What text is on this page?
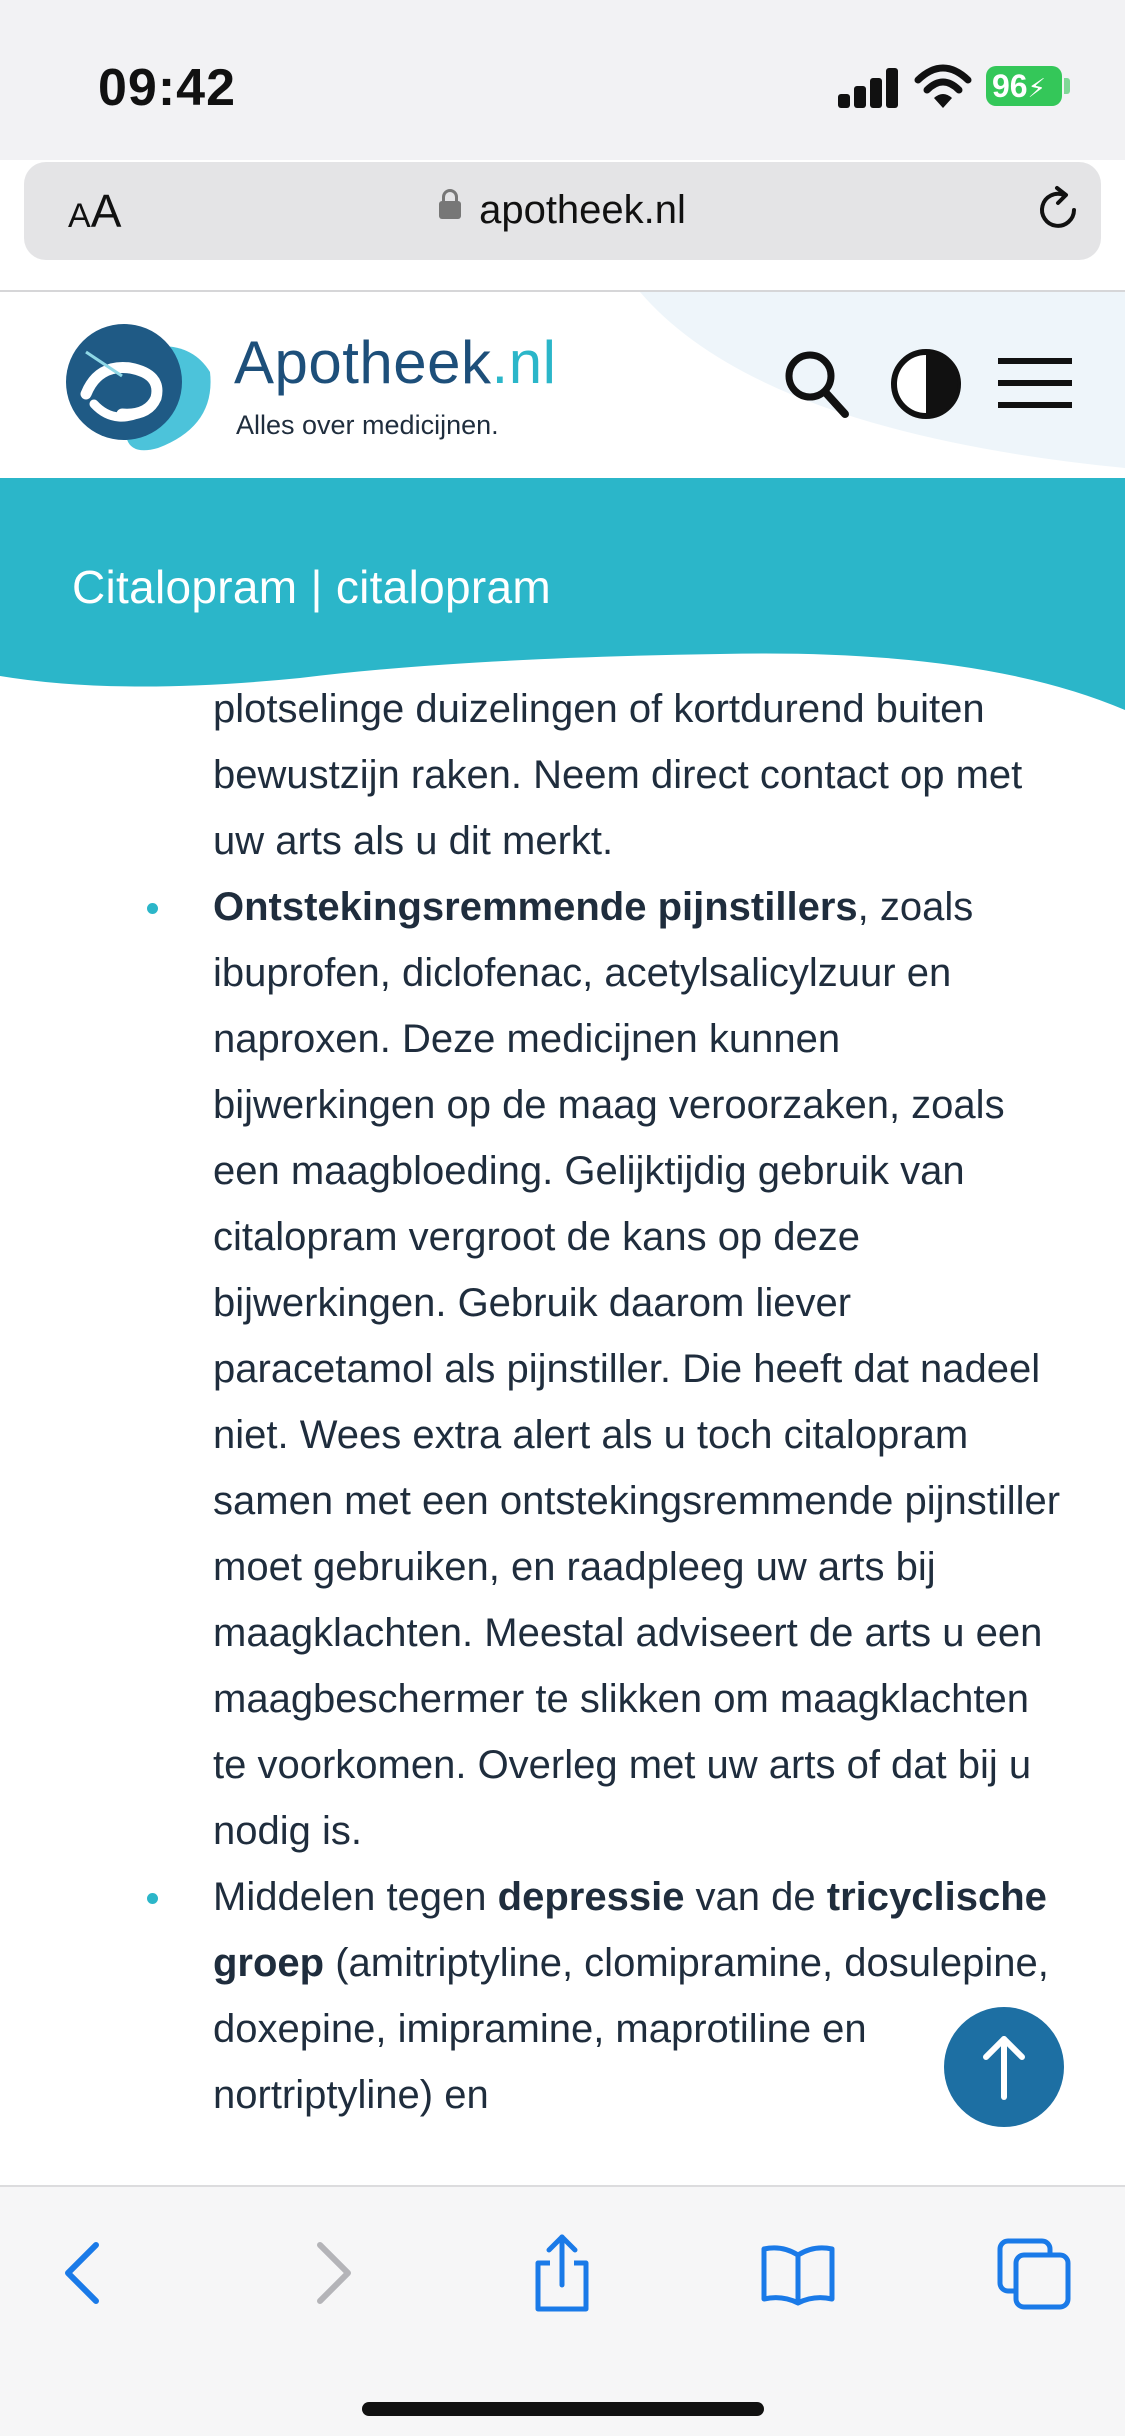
09:42	96⚡
AA	apotheek.nl
Apotheek.nl
Alles over medicijnen.
plotselinge duizelingen of kortdurend buiten bewustzijn raken. Neem direct contact op met uw arts als u dit merkt.
Ontstekingsremmende pijnstillers, zoals ibuprofen, diclofenac, acetylsalicylzuur en naproxen. Deze medicijnen kunnen bijwerkingen op de maag veroorzaken, zoals een maagbloeding. Gelijktijdig gebruik van citalopram vergroot de kans op deze bijwerkingen. Gebruik daarom liever paracetamol als pijnstiller. Die heeft dat nadeel niet. Wees extra alert als u toch citalopram samen met een ontstekingsremmende pijnstiller moet gebruiken, en raadpleeg uw arts bij maagklachten. Meestal adviseert de arts u een maagbeschermer te slikken om maagklachten te voorkomen. Overleg met uw arts of dat bij u nodig is.
Middelen tegen depressie van de tricyclische groep (amitriptyline, clomipramine, dosulepine, doxepine, imipramine, maprotiline en nortriptyline) en
Citalopram | citalopram
